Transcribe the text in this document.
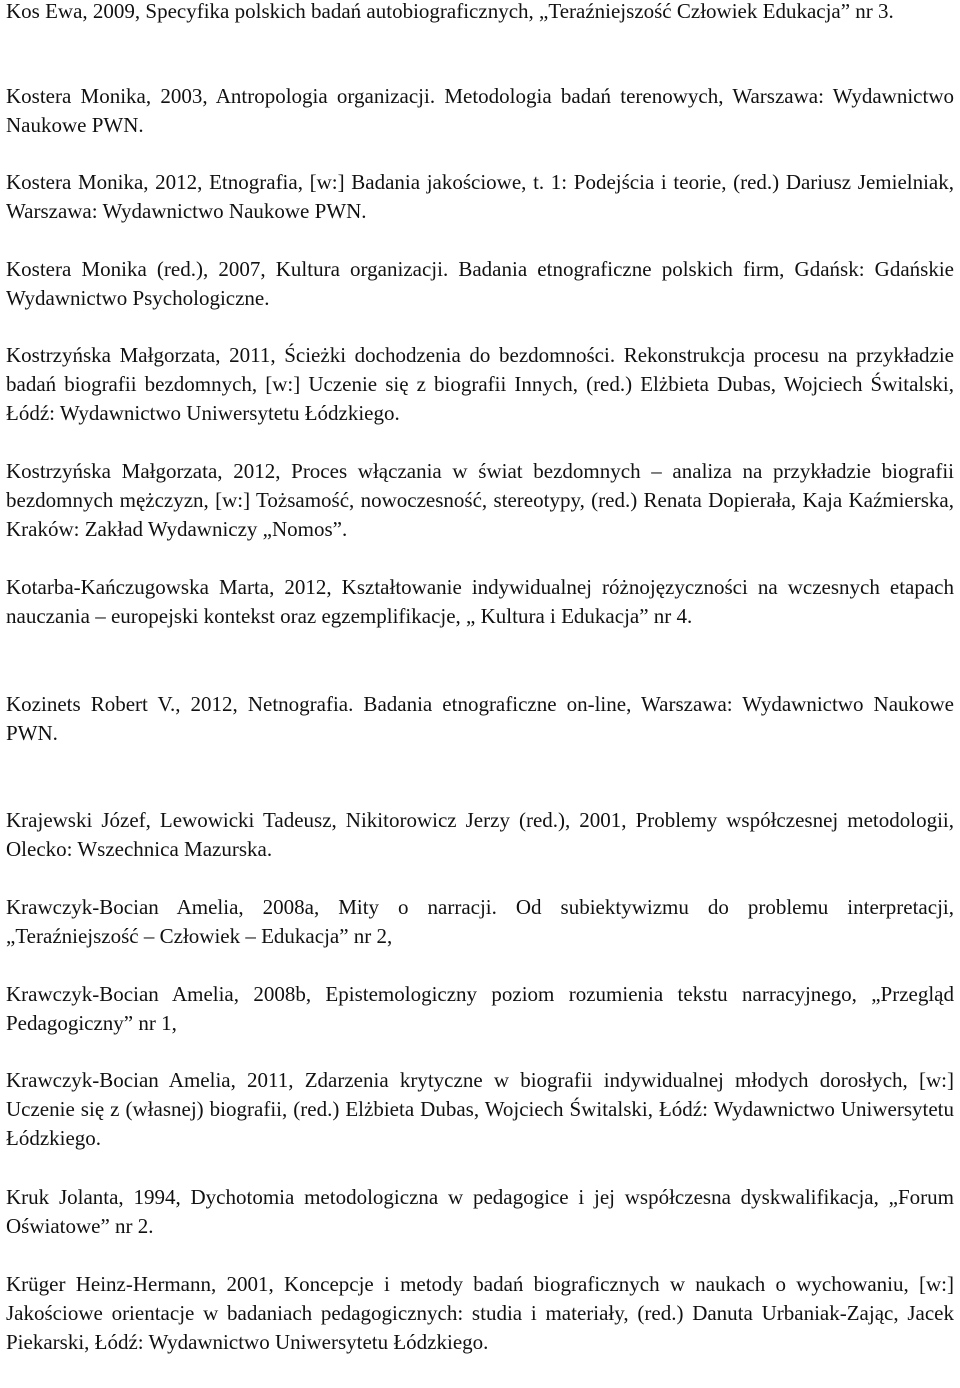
Kos Ewa, 2009, Specyfika polskich badań autobiograficznych, „Teraźniejszość Człowiek Edukacja” nr 3.

Kostera Monika, 2003, Antropologia organizacji. Metodologia badań terenowych, Warszawa: Wydawnictwo Naukowe PWN.

Kostera Monika, 2012, Etnografia, [w:] Badania jakościowe, t. 1: Podejścia i teorie, (red.) Dariusz Jemielniak, Warszawa: Wydawnictwo Naukowe PWN.

Kostera Monika (red.), 2007, Kultura organizacji. Badania etnograficzne polskich firm, Gdańsk: Gdańskie Wydawnictwo Psychologiczne.

Kostrzyńska Małgorzata, 2011, Ścieżki dochodzenia do bezdomności. Rekonstrukcja procesu na przykładzie badań biografii bezdomnych, [w:] Uczenie się z biografii Innych, (red.) Elżbieta Dubas, Wojciech Świtalski, Łódź: Wydawnictwo Uniwersytetu Łódzkiego.

Kostrzyńska Małgorzata, 2012, Proces włączania w świat bezdomnych – analiza na przykładzie biografii bezdomnych mężczyzn, [w:] Tożsamość, nowoczesność, stereotypy, (red.) Renata Dopierała, Kaja Kaźmierska, Kraków: Zakład Wydawniczy „Nomos”.

Kotarba-Kańczugowska Marta, 2012, Kształtowanie indywidualnej różnojęzyczności na wczesnych etapach nauczania – europejski kontekst oraz egzemplifikacje, „ Kultura i Edukacja” nr 4.

Kozinets Robert V., 2012, Netnografia. Badania etnograficzne on-line, Warszawa: Wydawnictwo Naukowe PWN.

Krajewski Józef, Lewowicki Tadeusz, Nikitorowicz Jerzy (red.), 2001, Problemy współczesnej metodologii, Olecko: Wszechnica Mazurska.

Krawczyk-Bocian Amelia, 2008a, Mity o narracji. Od subiektywizmu do problemu interpretacji, „Teraźniejszość – Człowiek – Edukacja” nr 2,

Krawczyk-Bocian Amelia, 2008b, Epistemologiczny poziom rozumienia tekstu narracyjnego, „Przegląd Pedagogiczny” nr 1,

Krawczyk-Bocian Amelia, 2011, Zdarzenia krytyczne w biografii indywidualnej młodych dorosłych, [w:] Uczenie się z (własnej) biografii, (red.) Elżbieta Dubas, Wojciech Świtalski, Łódź: Wydawnictwo Uniwersytetu Łódzkiego.

Kruk Jolanta, 1994, Dychotomia metodologiczna w pedagogice i jej współczesna dyskwalifikacja, „Forum Oświatowe” nr 2.

Krüger Heinz-Hermann, 2001, Koncepcje i metody badań biograficznych w naukach o wychowaniu, [w:] Jakościowe orientacje w badaniach pedagogicznych: studia i materiały, (red.) Danuta Urbaniak-Zając, Jacek Piekarski, Łódź: Wydawnictwo Uniwersytetu Łódzkiego.
